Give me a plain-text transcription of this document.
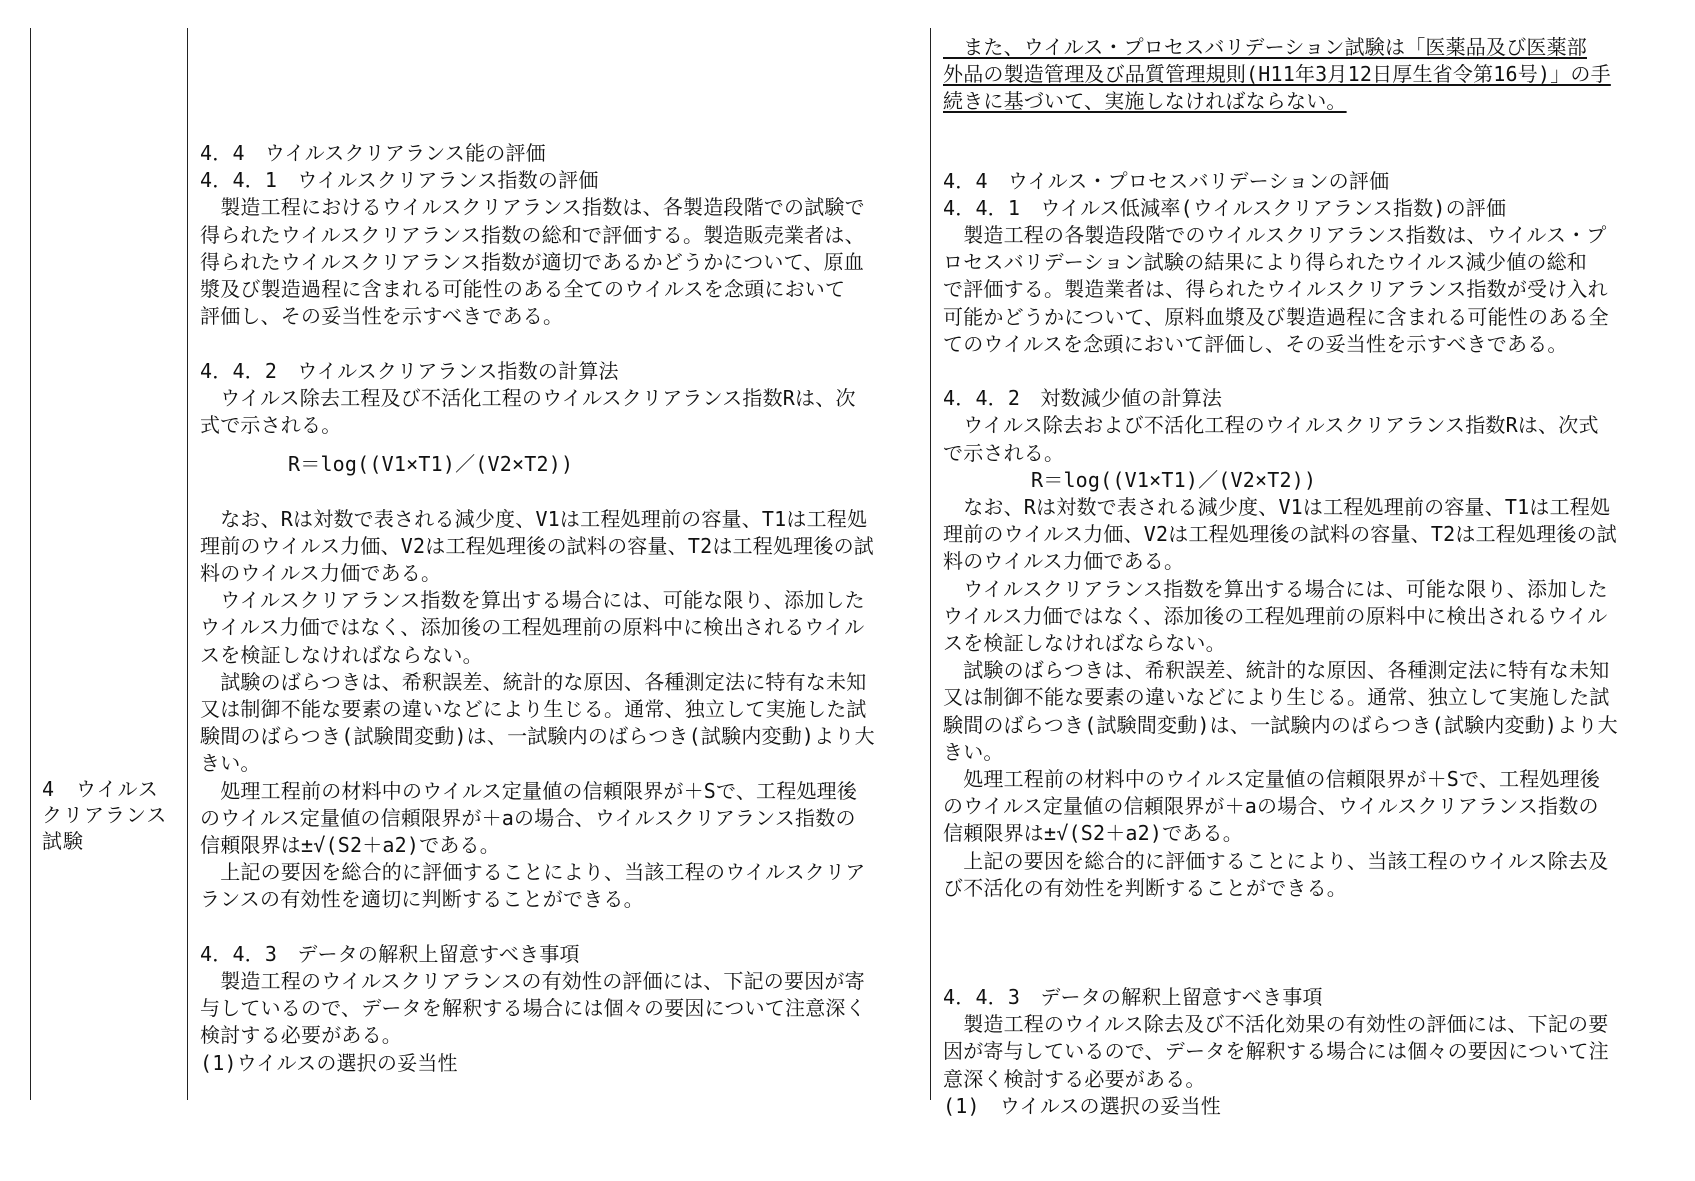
4　ウイルス
クリアランス
試験

4．4　ウイルスクリアランス能の評価

4．4．1　ウイルスクリアランス指数の評価

　製造工程におけるウイルスクリアランス指数は、各製造段階での試験で

得られたウイルスクリアランス指数の総和で評価する。製造販売業者は、

得られたウイルスクリアランス指数が適切であるかどうかについて、原血

漿及び製造過程に含まれる可能性のある全てのウイルスを念頭において

評価し、その妥当性を示すべきである。

4．4．2　ウイルスクリアランス指数の計算法

　ウイルス除去工程及び不活化工程のウイルスクリアランス指数Rは、次

式で示される。

R＝log((V1×T1)／(V2×T2))

　なお、Rは対数で表される減少度、V1は工程処理前の容量、T1は工程処

理前のウイルス力価、V2は工程処理後の試料の容量、T2は工程処理後の試

料のウイルス力価である。

　ウイルスクリアランス指数を算出する場合には、可能な限り、添加した

ウイルス力価ではなく、添加後の工程処理前の原料中に検出されるウイル

スを検証しなければならない。

　試験のばらつきは、希釈誤差、統計的な原因、各種測定法に特有な未知

又は制御不能な要素の違いなどにより生じる。通常、独立して実施した試

験間のばらつき(試験間変動)は、一試験内のばらつき(試験内変動)より大

きい。

　処理工程前の材料中のウイルス定量値の信頼限界が＋Sで、工程処理後

のウイルス定量値の信頼限界が＋aの場合、ウイルスクリアランス指数の

信頼限界は±√(S2＋a2)である。

　上記の要因を総合的に評価することにより、当該工程のウイルスクリア

ランスの有効性を適切に判断することができる。

4．4．3　データの解釈上留意すべき事項

　製造工程のウイルスクリアランスの有効性の評価には、下記の要因が寄

与しているので、データを解釈する場合には個々の要因について注意深く

検討する必要がある。

(1)ウイルスの選択の妥当性

　また、ウイルス・プロセスバリデーション試験は「医薬品及び医薬部

外品の製造管理及び品質管理規則(H11年3月12日厚生省令第16号)」の手

続きに基づいて、実施しなければならない。

4．4　ウイルス・プロセスバリデーションの評価

4．4．1　ウイルス低減率(ウイルスクリアランス指数)の評価

　製造工程の各製造段階でのウイルスクリアランス指数は、ウイルス・プ

ロセスバリデーション試験の結果により得られたウイルス減少値の総和

で評価する。製造業者は、得られたウイルスクリアランス指数が受け入れ

可能かどうかについて、原料血漿及び製造過程に含まれる可能性のある全

てのウイルスを念頭において評価し、その妥当性を示すべきである。

4．4．2　対数減少値の計算法

　ウイルス除去および不活化工程のウイルスクリアランス指数Rは、次式

で示される。

R＝log((V1×T1)／(V2×T2))

　なお、Rは対数で表される減少度、V1は工程処理前の容量、T1は工程処

理前のウイルス力価、V2は工程処理後の試料の容量、T2は工程処理後の試

料のウイルス力価である。

　ウイルスクリアランス指数を算出する場合には、可能な限り、添加した

ウイルス力価ではなく、添加後の工程処理前の原料中に検出されるウイル

スを検証しなければならない。

　試験のばらつきは、希釈誤差、統計的な原因、各種測定法に特有な未知

又は制御不能な要素の違いなどにより生じる。通常、独立して実施した試

験間のばらつき(試験間変動)は、一試験内のばらつき(試験内変動)より大

きい。

　処理工程前の材料中のウイルス定量値の信頼限界が＋Sで、工程処理後

のウイルス定量値の信頼限界が＋aの場合、ウイルスクリアランス指数の

信頼限界は±√(S2＋a2)である。

　上記の要因を総合的に評価することにより、当該工程のウイルス除去及

び不活化の有効性を判断することができる。

4．4．3　データの解釈上留意すべき事項

　製造工程のウイルス除去及び不活化効果の有効性の評価には、下記の要

因が寄与しているので、データを解釈する場合には個々の要因について注

意深く検討する必要がある。

(1)　ウイルスの選択の妥当性
